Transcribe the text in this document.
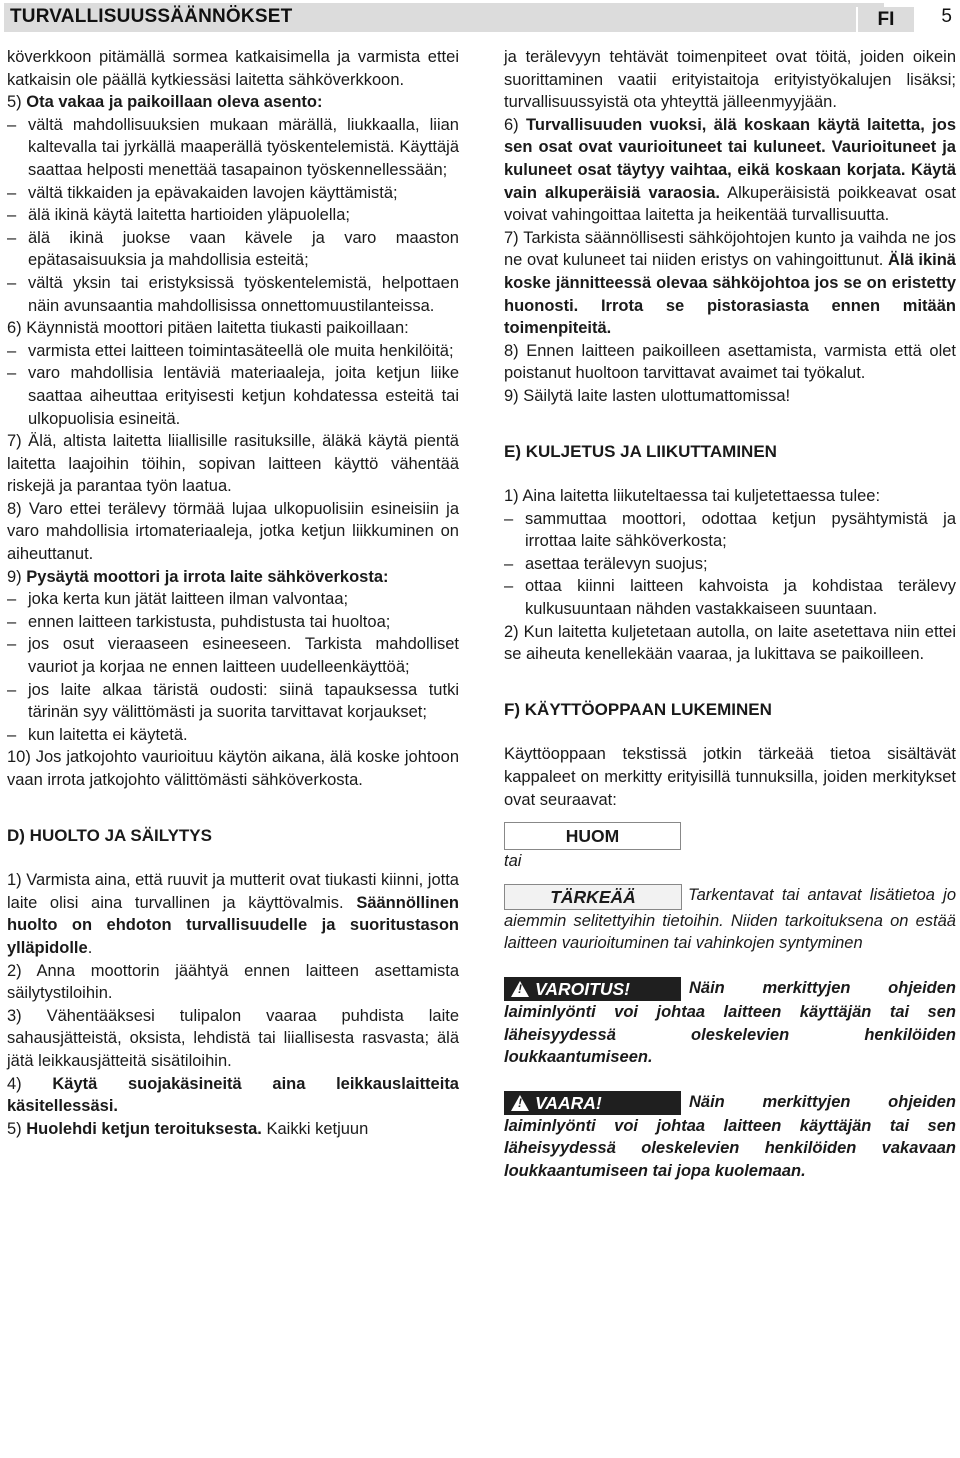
TURVALLISUUSSÄÄNNÖKSET	FI	5

köverkkoon pitämällä sormea katkaisimella ja varmista ettei katkaisin ole päällä kytkiessäsi laitetta sähköverkkoon.

5) Ota vakaa ja paikoillaan oleva asento:

– vältä mahdollisuuksien mukaan märällä, liukkaalla, liian kaltevalla tai jyrkällä maaperällä työskentelemistä. Käyttäjä saattaa helposti menettää tasapainon työskennellessään;

– vältä tikkaiden ja epävakaiden lavojen käyttämistä;

– älä ikinä käytä laitetta hartioiden yläpuolella;

– älä ikinä juokse vaan kävele ja varo maaston epätasaisuuksia ja mahdollisia esteitä;

– vältä yksin tai eristyksissä työskentelemistä, helpottaen näin avunsaantia mahdollisissa onnettomuustilanteissa.

6) Käynnistä moottori pitäen laitetta tiukasti paikoillaan:

– varmista ettei laitteen toimintasäteellä ole muita henkilöitä;

– varo mahdollisia lentäviä materiaaleja, joita ketjun liike saattaa aiheuttaa erityisesti ketjun kohdatessa esteitä tai ulkopuolisia esineitä.

7) Älä, altista laitetta liiallisille rasituksille, äläkä käytä pientä laitetta laajoihin töihin, sopivan laitteen käyttö vähentää riskejä ja parantaa työn laatua.

8) Varo ettei terälevy törmää lujaa ulkopuolisiin esineisiin ja varo mahdollisia irtomateriaaleja, jotka ketjun liikkuminen on aiheuttanut.

9) Pysäytä moottori ja irrota laite sähköverkosta:

– joka kerta kun jätät laitteen ilman valvontaa;

– ennen laitteen tarkistusta, puhdistusta tai huoltoa;

– jos osut vieraaseen esineeseen. Tarkista mahdolliset vauriot ja korjaa ne ennen laitteen uudelleenkäyttöä;

– jos laite alkaa täristä oudosti: siinä tapauksessa tutki tärinän syy välittömästi ja suorita tarvittavat korjaukset;

– kun laitetta ei käytetä.

10) Jos jatkojohto vaurioituu käytön aikana, älä koske johtoon vaan irrota jatkojohto välittömästi sähköverkosta.

D) HUOLTO JA SÄILYTYS

1) Varmista aina, että ruuvit ja mutterit ovat tiukasti kiinni, jotta laite olisi aina turvallinen ja käyttövalmis. Säännöllinen huolto on ehdoton turvallisuudelle ja suoritustason ylläpidolle.

2) Anna moottorin jäähtyä ennen laitteen asettamista säilytystiloihin.

3) Vähentääksesi tulipalon vaaraa puhdista laite sahausjätteistä, oksista, lehdistä tai liiallisesta rasvasta; älä jätä leikkausjätteitä sisätiloihin.

4) Käytä suojakäsineitä aina leikkauslaitteita käsitellessäsi.

5) Huolehdi ketjun teroituksesta. Kaikki ketjuun

ja terälevyyn tehtävät toimenpiteet ovat töitä, joiden oikein suorittaminen vaatii erityistaitoja erityistyökalujen lisäksi; turvallisuussyistä ota yhteyttä jälleenmyyjään.

6) Turvallisuuden vuoksi, älä koskaan käytä laitetta, jos sen osat ovat vaurioituneet tai kuluneet. Vaurioituneet ja kuluneet osat täytyy vaihtaa, eikä koskaan korjata. Käytä vain alkuperäisiä varaosia. Alkuperäisistä poikkeavat osat voivat vahingoittaa laitetta ja heikentää turvallisuutta.

7) Tarkista säännöllisesti sähköjohtojen kunto ja vaihda ne jos ne ovat kuluneet tai niiden eristys on vahingoittunut. Älä ikinä koske jännitteessä olevaa sähköjohtoa jos se on eristetty huonosti. Irrota se pistorasiasta ennen mitään toimenpiteitä.

8) Ennen laitteen paikoilleen asettamista, varmista että olet poistanut huoltoon tarvittavat avaimet tai työkalut.

9) Säilytä laite lasten ulottumattomissa!

E) KULJETUS JA LIIKUTTAMINEN

1) Aina laitetta liikuteltaessa tai kuljetettaessa tulee:

– sammuttaa moottori, odottaa ketjun pysähtymistä ja irrottaa laite sähköverkosta;

– asettaa terälevyn suojus;

– ottaa kiinni laitteen kahvoista ja kohdistaa terälevy kulkusuuntaan nähden vastakkaiseen suuntaan.

2) Kun laitetta kuljetetaan autolla, on laite asetettava niin ettei se aiheuta kenellekään vaaraa, ja lukittava se paikoilleen.

F) KÄYTTÖOPPAAN LUKEMINEN

Käyttöoppaan tekstissä jotkin tärkeää tietoa sisältävät kappaleet on merkitty erityisillä tunnuksilla, joiden merkitykset ovat seuraavat:

HUOM

tai

TÄRKEÄÄ	Tarkentavat tai antavat lisätietoa jo aiemmin selitettyihin tietoihin. Niiden tarkoituksena on estää laitteen vaurioituminen tai vahinkojen syntyminen

!VAROITUS!	Näin merkittyjen ohjeiden laiminlyönti voi johtaa laitteen käyttäjän tai sen läheisyydessä oleskelevien henkilöiden loukkaantumiseen.

!VAARA!	Näin merkittyjen ohjeiden laiminlyönti voi johtaa laitteen käyttäjän tai sen läheisyydessä oleskelevien henkilöiden vakavaan loukkaantumiseen tai jopa kuolemaan.
